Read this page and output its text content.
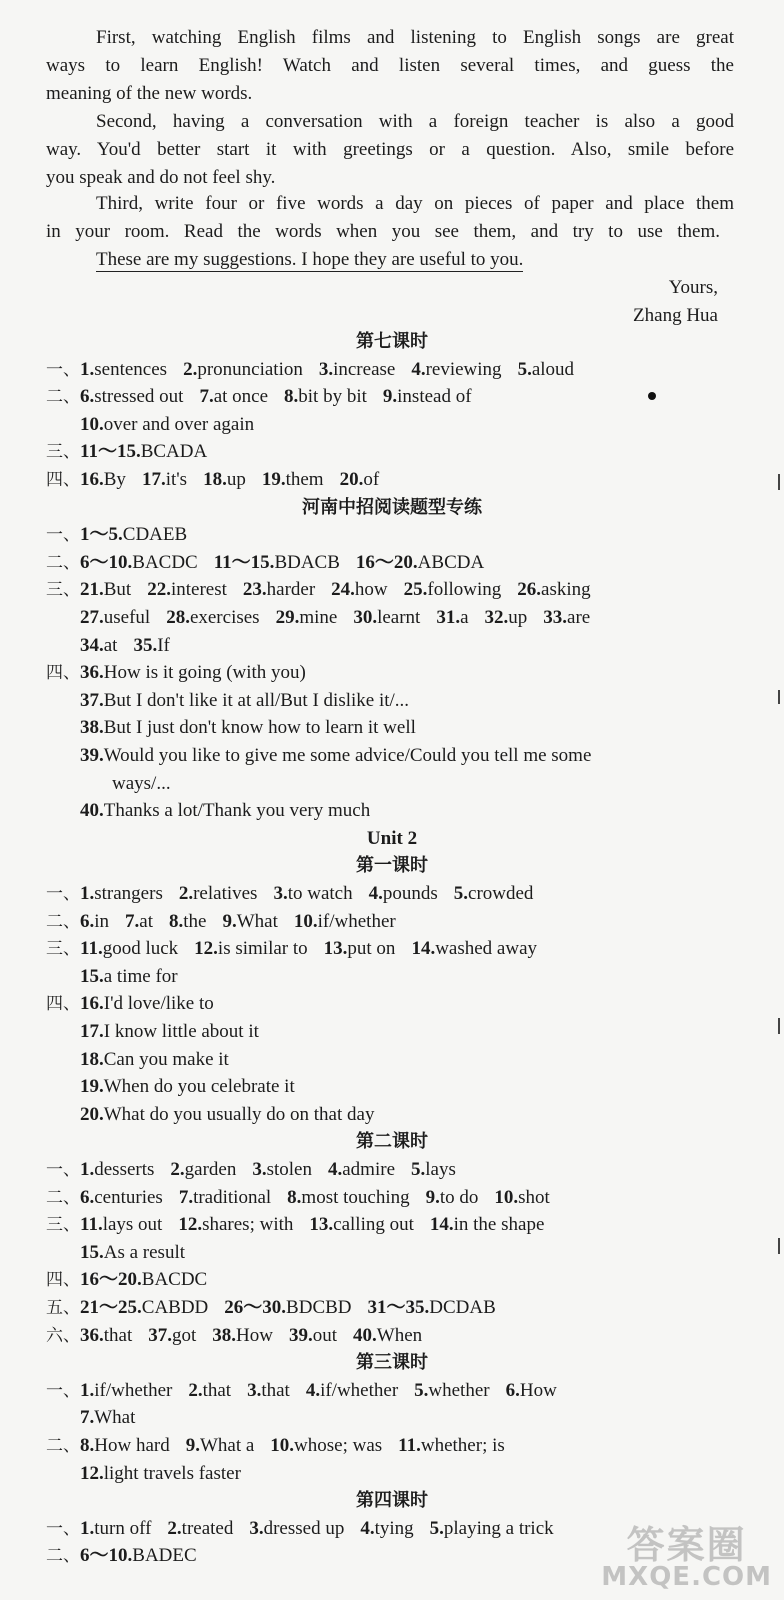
First, watching English films and listening to English songs are great
ways to learn English! Watch and listen several times, and guess the
meaning of the new words.
Second, having a conversation with a foreign teacher is also a good
way. You'd better start it with greetings or a question. Also, smile before
you speak and do not feel shy.
Third, write four or five words a day on pieces of paper and place them
in your room. Read the words when you see them, and try to use them.
These are my suggestions. I hope they are useful to you.
Yours,
Zhang Hua
第七课时
一、1.sentences 2.pronunciation 3.increase 4.reviewing 5.aloud
二、6.stressed out 7.at once 8.bit by bit 9.instead of
10.over and over again
三、11～15.BCADA
四、16.By 17.it's 18.up 19.them 20.of
河南中招阅读题型专练
一、1～5.CDAEB
二、6～10.BACDC 11～15.BDACB 16～20.ABCDA
三、21.But 22.interest 23.harder 24.how 25.following 26.asking
27.useful 28.exercises 29.mine 30.learnt 31.a 32.up 33.are
34.at 35.If
四、36.How is it going (with you)
37.But I don't like it at all/But I dislike it/...
38.But I just don't know how to learn it well
39.Would you like to give me some advice/Could you tell me some
ways/...
40.Thanks a lot/Thank you very much
Unit 2
第一课时
一、1.strangers 2.relatives 3.to watch 4.pounds 5.crowded
二、6.in 7.at 8.the 9.What 10.if/whether
三、11.good luck 12.is similar to 13.put on 14.washed away
15.a time for
四、16.I'd love/like to
17.I know little about it
18.Can you make it
19.When do you celebrate it
20.What do you usually do on that day
第二课时
一、1.desserts 2.garden 3.stolen 4.admire 5.lays
二、6.centuries 7.traditional 8.most touching 9.to do 10.shot
三、11.lays out 12.shares; with 13.calling out 14.in the shape
15.As a result
四、16～20.BACDC
五、21～25.CABDD 26～30.BDCBD 31～35.DCDAB
六、36.that 37.got 38.How 39.out 40.When
第三课时
一、1.if/whether 2.that 3.that 4.if/whether 5.whether 6.How
7.What
二、8.How hard 9.What a 10.whose; was 11.whether; is
12.light travels faster
第四课时
一、1.turn off 2.treated 3.dressed up 4.tying 5.playing a trick
二、6～10.BADEC	答案圈
MXQE.COM
